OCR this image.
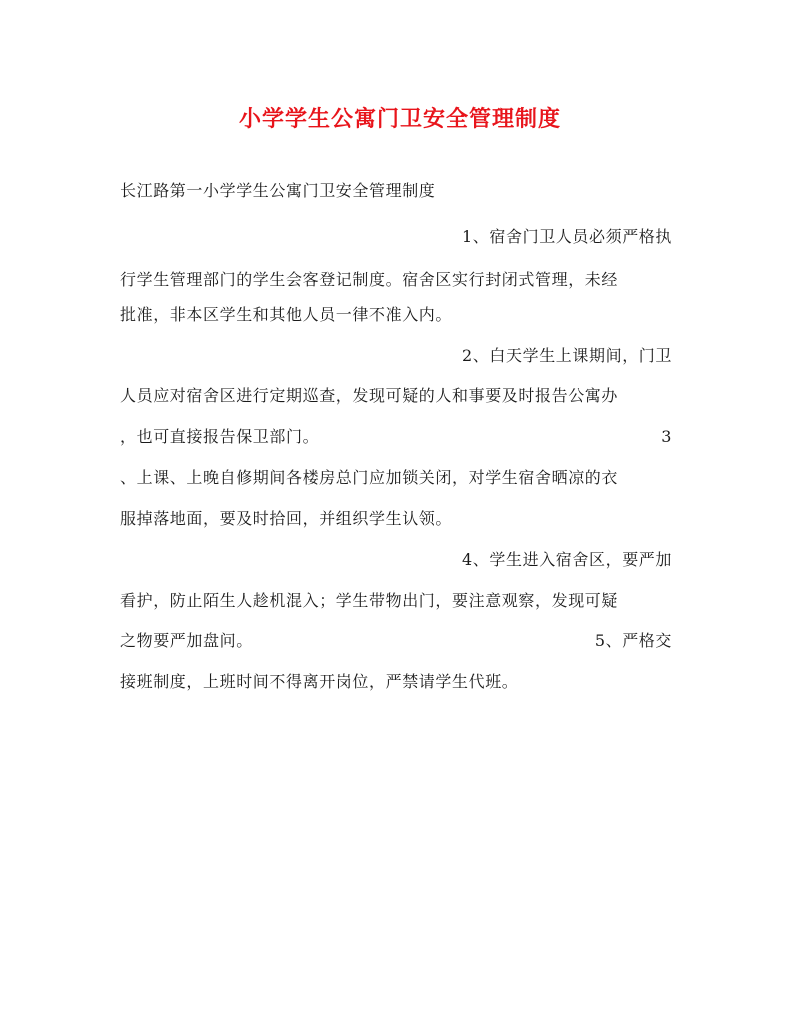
小学学生公寓门卫安全管理制度
长江路第一小学学生公寓门卫安全管理制度
1、宿舍门卫人员必须严格执
行学生管理部门的学生会客登记制度。宿舍区实行封闭式管理，未经
批准，非本区学生和其他人员一律不准入内。
2、白天学生上课期间，门卫
人员应对宿舍区进行定期巡查，发现可疑的人和事要及时报告公寓办
，也可直接报告保卫部门。	3
、上课、上晚自修期间各楼房总门应加锁关闭，对学生宿舍晒凉的衣
服掉落地面，要及时拾回，并组织学生认领。
4、学生进入宿舍区，要严加
看护，防止陌生人趁机混入；学生带物出门，要注意观察，发现可疑
之物要严加盘问。	5、严格交
接班制度，上班时间不得离开岗位，严禁请学生代班。
